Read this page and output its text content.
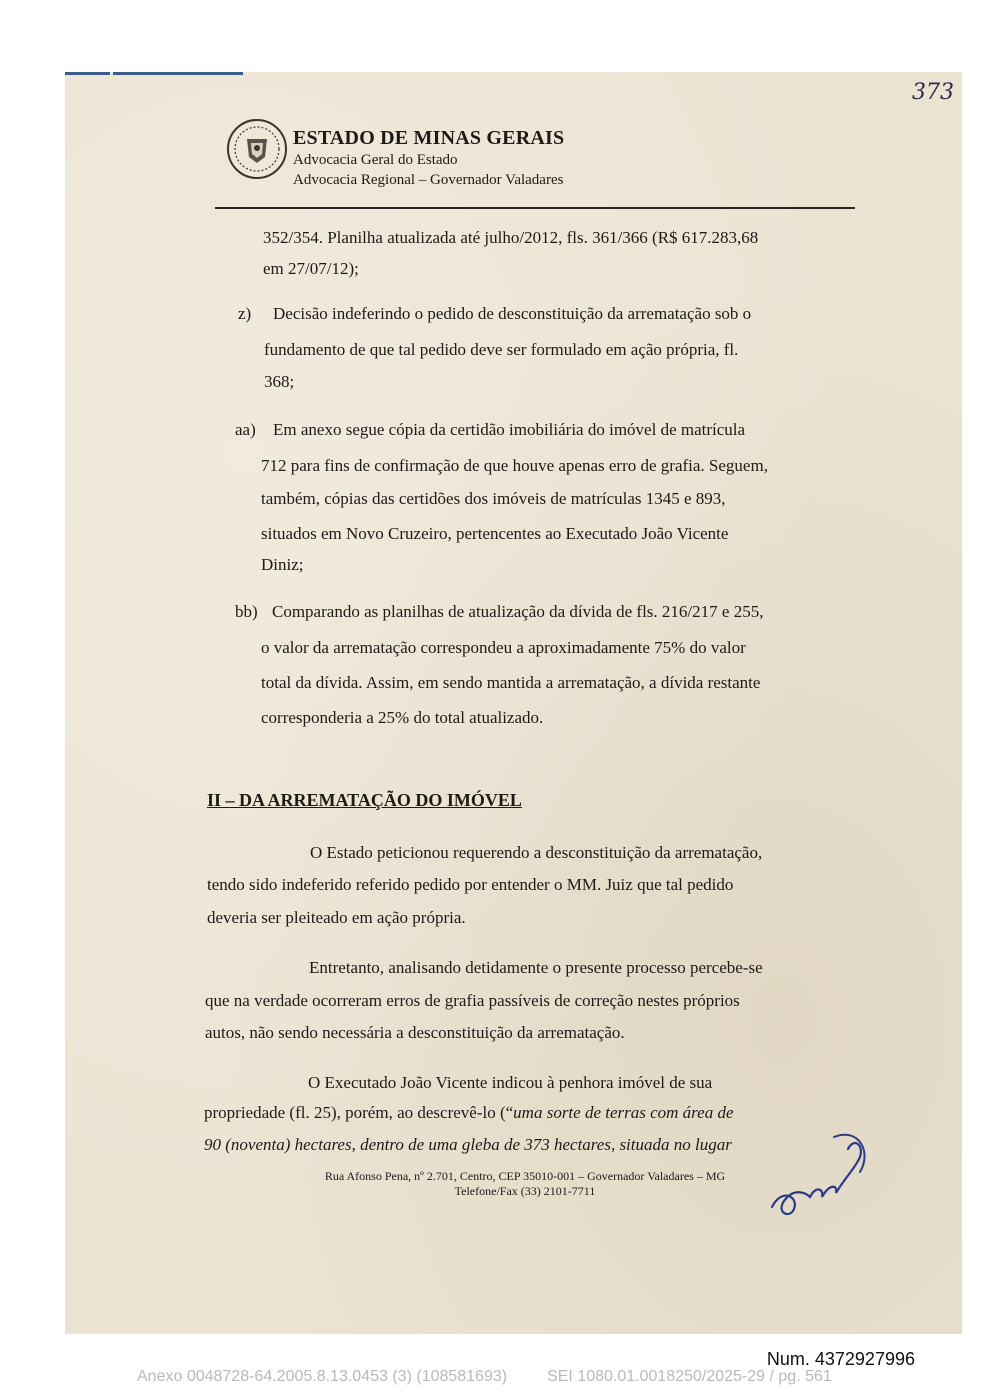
373
ESTADO DE MINAS GERAIS
Advocacia Geral do Estado
Advocacia Regional – Governador Valadares
352/354. Planilha atualizada até julho/2012, fls. 361/366 (R$ 617.283,68
em 27/07/12);
z) Decisão indeferindo o pedido de desconstituição da arrematação sob o
fundamento de que tal pedido deve ser formulado em ação própria, fl.
368;
aa) Em anexo segue cópia da certidão imobiliária do imóvel de matrícula
712 para fins de confirmação de que houve apenas erro de grafia. Seguem,
também, cópias das certidões dos imóveis de matrículas 1345 e 893,
situados em Novo Cruzeiro, pertencentes ao Executado João Vicente
Diniz;
bb) Comparando as planilhas de atualização da dívida de fls. 216/217 e 255,
o valor da arrematação correspondeu a aproximadamente 75% do valor
total da dívida. Assim, em sendo mantida a arrematação, a dívida restante
corresponderia a 25% do total atualizado.
II – DA ARREMATAÇÃO DO IMÓVEL
O Estado peticionou requerendo a desconstituição da arrematação,
tendo sido indeferido referido pedido por entender o MM. Juiz que tal pedido
deveria ser pleiteado em ação própria.
Entretanto, analisando detidamente o presente processo percebe-se
que na verdade ocorreram erros de grafia passíveis de correção nestes próprios
autos, não sendo necessária a desconstituição da arrematação.
O Executado João Vicente indicou à penhora imóvel de sua
propriedade (fl. 25), porém, ao descrevê-lo (“uma sorte de terras com área de
90 (noventa) hectares, dentro de uma gleba de 373 hectares, situada no lugar
Rua Afonso Pena, nº 2.701, Centro, CEP 35010-001 – Governador Valadares – MG
Telefone/Fax (33) 2101-7711
Num. 4372927996
Anexo 0048728-64.2005.8.13.0453 (3) (108581693)         SEI 1080.01.0018250/2025-29 / pg. 561
